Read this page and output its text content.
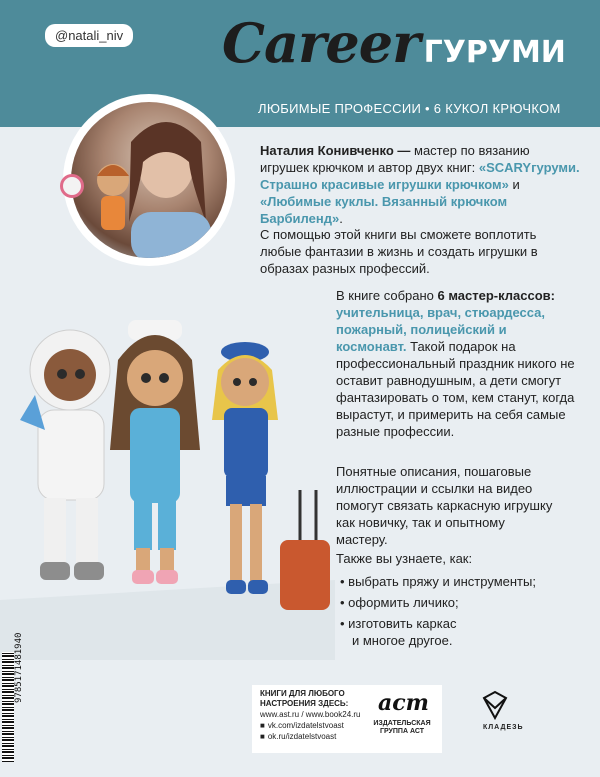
@natali_niv Career ГУРУМИ
ЛЮБИМЫЕ ПРОФЕССИИ • 6 КУКОЛ КРЮЧКОМ
Наталия Конивченко — мастер по вязанию игрушек крючком и автор двух книг: «SCARYгуруми. Страшно красивые игрушки крючком» и «Любимые куклы. Вязанный крючком Барбиленд».
С помощью этой книги вы сможете воплотить любые фантазии в жизнь и создать игрушки в образах разных профессий.
В книге собрано 6 мастер-классов: учительница, врач, стюардесса, пожарный, полицейский и космонавт. Такой подарок на профессиональный праздник никого не оставит равнодушным, а дети смогут фантазировать о том, кем станут, когда вырастут, и примерить на себя самые разные профессии.
Понятные описания, пошаговые иллюстрации и ссылки на видео помогут связать каркасную игрушку как новичку, так и опытному мастеру.
Также вы узнаете, как:
• выбрать пряжу и инструменты;
• оформить личико;
• изготовить каркас
и многое другое.
9785171481940	КНИГИ ДЛЯ ЛЮБОГО
НАСТРОЕНИЯ ЗДЕСЬ:
www.ast.ru / www.book24.ru
■ vk.com/izdatelstvoast
■ ok.ru/izdatelstvoast
аст
ИЗДАТЕЛЬСКАЯ
ГРУППА АСТ
КЛАДЕЗЬ
